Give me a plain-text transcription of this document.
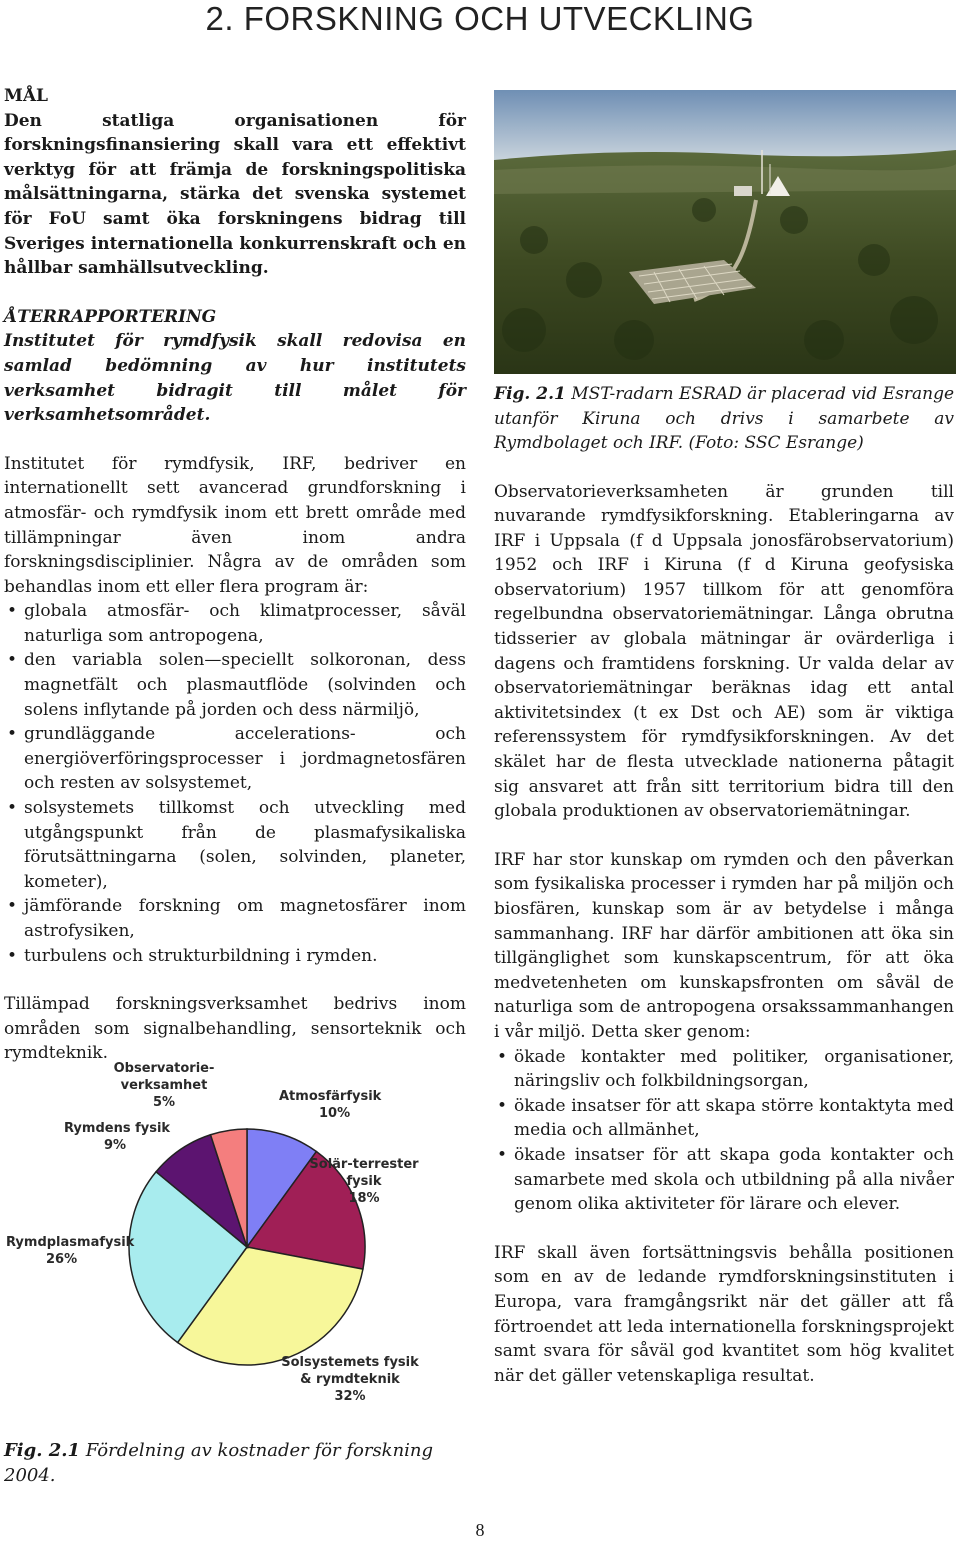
2. FORSKNING OCH UTVECKLING

MÅL

Den statliga organisationen för forskningsfinansiering skall vara ett effektivt verktyg för att främja de forskningspolitiska målsättningarna, stärka det svenska systemet för FoU samt öka forskningens bidrag till Sveriges internationella konkurrenskraft och en hållbar samhällsutveckling.

ÅTERRAPPORTERING

Institutet för rymdfysik skall redovisa en samlad bedömning av hur institutets verksamhet bidragit till målet för verksamhetsområdet.

Institutet för rymdfysik, IRF, bedriver en internationellt sett avancerad grundforskning i atmosfär- och rymdfysik inom ett brett område med tillämpningar även inom andra forskningsdisciplinier. Några av de områden som behandlas inom ett eller flera program är:

• globala atmosfär- och klimatprocesser, såväl naturliga som antropogena,
• den variabla solen—speciellt solkoronan, dess magnetfält och plasmautflöde (solvinden och solens inflytande på jorden och dess närmiljö,
• grundläggande accelerations- och energiöverföringsprocesser i jordmagnetosfären och resten av solsystemet,
• solsystemets tillkomst och utveckling med utgångspunkt från de plasmafysikaliska förutsättningarna (solen, solvinden, planeter, kometer),
• jämförande forskning om magnetosfärer inom astrofysiken,
• turbulens och strukturbildning i rymden.

Tillämpad forskningsverksamhet bedrivs inom områden som signalbehandling, sensorteknik och rymdteknik.

Fig. 2.1 MST-radarn ESRAD är placerad vid Esrange utanför Kiruna och drivs i samarbete av Rymdbolaget och IRF. (Foto: SSC Esrange)

Observatorieverksamheten är grunden till nuvarande rymdfysikforskning. Etableringarna av IRF i Uppsala (f d Uppsala jonosfärobservatorium) 1952 och IRF i Kiruna (f d Kiruna geofysiska observatorium) 1957 tillkom för att genomföra regelbundna observatoriemätningar. Långa obrutna tidsserier av globala mätningar är ovärderliga i dagens och framtidens forskning. Ur valda delar av observatoriemätningar beräknas idag ett antal aktivitetsindex (t ex Dst och AE) som är viktiga referenssystem för rymdfysikforskningen. Av det skälet har de flesta utvecklade nationerna påtagit sig ansvaret att från sitt territorium bidra till den globala produktionen av observatoriemätningar.

IRF har stor kunskap om rymden och den påverkan som fysikaliska processer i rymden har på miljön och biosfären, kunskap som är av betydelse i många sammanhang. IRF har därför ambitionen att öka sin tillgänglighet som kunskapscentrum, för att öka medvetenheten om kunskapsfronten om såväl de naturliga som de antropogena orsakssammanhangen i vår miljö. Detta sker genom:

• ökade kontakter med politiker, organisationer, näringsliv och folkbildningsorgan,
• ökade insatser för att skapa större kontaktyta med media och allmänhet,
• ökade insatser för att skapa goda kontakter och samarbete med skola och utbildning på alla nivåer genom olika aktiviteter för lärare och elever.

IRF skall även fortsättningsvis behålla positionen som en av de ledande rymdforskningsinstituten i Europa, vara framgångsrikt när det gäller att få förtroendet att leda internationella forskningsprojekt samt svara för såväl god kvantitet som hög kvalitet när det gäller vetenskapliga resultat.

Atmosfärfysik 10%
Solär-terrester fysik 18%
Solsystemets fysik & rymdteknik 32%
Rymdplasmafysik 26%
Rymdens fysik 9%
Observatorie-verksamhet 5%
Fig. 2.1 Fördelning av kostnader för forskning 2004.
8
